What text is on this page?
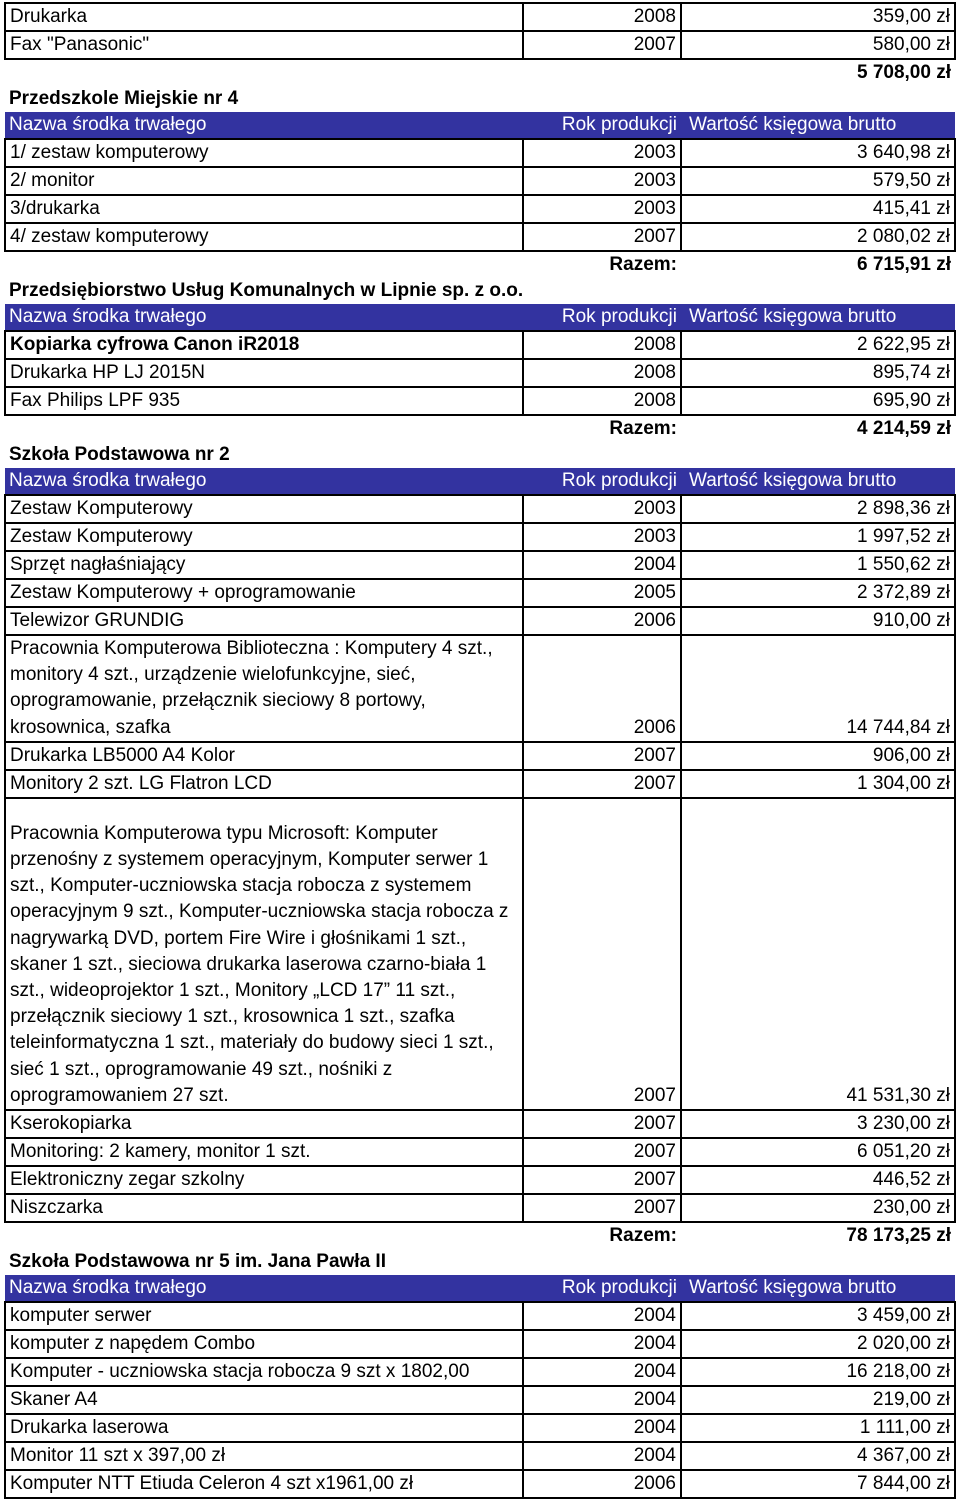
Drukarka	2008	359,00 zł
Fax "Panasonic"	2007	580,00 zł
		5 708,00 zł
Przedszkole Miejskie nr 4		
Nazwa środka trwałego	Rok produkcji	Wartość księgowa brutto
1/ zestaw komputerowy	2003	3 640,98 zł
2/ monitor	2003	579,50 zł
3/drukarka	2003	415,41 zł
4/ zestaw komputerowy	2007	2 080,02 zł
	Razem:	6 715,91 zł
Przedsiębiorstwo Usług Komunalnych w Lipnie sp. z o.o.		
Nazwa środka trwałego	Rok produkcji	Wartość księgowa brutto
Kopiarka cyfrowa Canon iR2018	2008	2 622,95 zł
Drukarka HP LJ 2015N	2008	895,74 zł
Fax Philips LPF 935	2008	695,90 zł
	Razem:	4 214,59 zł
Szkoła Podstawowa nr 2		
Nazwa środka trwałego	Rok produkcji	Wartość księgowa brutto
Zestaw Komputerowy	2003	2 898,36 zł
Zestaw Komputerowy	2003	1 997,52 zł
Sprzęt nagłaśniający	2004	1 550,62 zł
Zestaw Komputerowy + oprogramowanie	2005	2 372,89 zł
Telewizor GRUNDIG	2006	910,00 zł
Pracownia Komputerowa Biblioteczna : Komputery 4 szt., monitory 4 szt., urządzenie wielofunkcyjne, sieć, oprogramowanie, przełącznik sieciowy 8 portowy, krosownica, szafka	2006	14 744,84 zł
Drukarka LB5000 A4 Kolor	2007	906,00 zł
Monitory 2 szt. LG Flatron LCD	2007	1 304,00 zł
Pracownia Komputerowa typu Microsoft: Komputer przenośny z systemem operacyjnym, Komputer serwer 1 szt., Komputer-uczniowska stacja robocza z systemem operacyjnym 9 szt., Komputer-uczniowska stacja robocza z nagrywarką DVD, portem Fire Wire i głośnikami 1 szt., skaner 1 szt., sieciowa drukarka laserowa czarno-biała 1 szt., wideoprojektor 1 szt., Monitory „LCD 17” 11 szt., przełącznik sieciowy 1 szt., krosownica 1 szt., szafka teleinformatyczna 1 szt., materiały do budowy sieci 1 szt., sieć 1 szt., oprogramowanie 49 szt., nośniki z oprogramowaniem 27 szt.	2007	41 531,30 zł
Kserokopiarka	2007	3 230,00 zł
Monitoring: 2 kamery, monitor 1 szt.	2007	6 051,20 zł
Elektroniczny zegar szkolny	2007	446,52 zł
Niszczarka	2007	230,00 zł
	Razem:	78 173,25 zł
Szkoła Podstawowa nr 5 im. Jana Pawła II		
Nazwa środka trwałego	Rok produkcji	Wartość księgowa brutto
komputer serwer	2004	3 459,00 zł
komputer z napędem Combo	2004	2 020,00 zł
Komputer - uczniowska stacja robocza 9 szt x 1802,00	2004	16 218,00 zł
Skaner A4	2004	219,00 zł
Drukarka laserowa	2004	1 111,00 zł
Monitor 11 szt x 397,00 zł	2004	4 367,00 zł
Komputer NTT Etiuda Celeron 4 szt x1961,00 zł	2006	7 844,00 zł
